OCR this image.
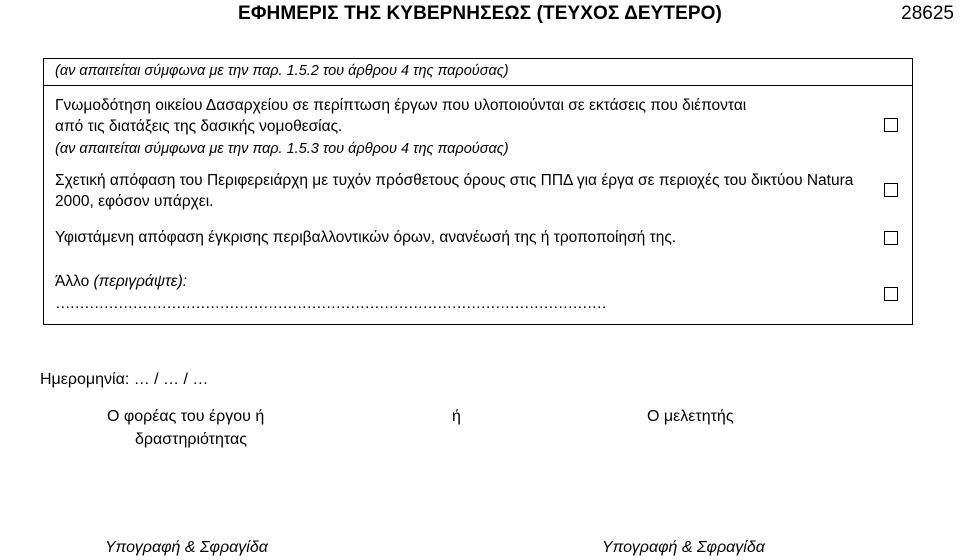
ΕΦΗΜΕΡΙΣ ΤΗΣ ΚΥΒΕΡΝΗΣΕΩΣ (ΤΕΥΧΟΣ ΔΕΥΤΕΡΟ)	28625
(αν απαιτείται σύμφωνα με την παρ. 1.5.2 του άρθρου 4 της παρούσας)
Γνωμοδότηση οικείου Δασαρχείου σε περίπτωση έργων που υλοποιούνται σε εκτάσεις που διέπονται από τις διατάξεις της δασικής νομοθεσίας.
(αν απαιτείται σύμφωνα με την παρ. 1.5.3 του άρθρου 4 της παρούσας)
Σχετική απόφαση του Περιφερειάρχη με τυχόν πρόσθετους όρους στις ΠΠΔ για έργα σε περιοχές του δικτύου Natura 2000, εφόσον υπάρχει.
Υφιστάμενη απόφαση έγκρισης περιβαλλοντικών όρων, ανανέωσή της ή τροποποίησή της.
Άλλο (περιγράψτε):
……………………………………………………………………………………………………
Ημερομηνία: … / … / …
Ο φορέας του έργου ή
δραστηριότητας
ή	Ο μελετητής
Υπογραφή & Σφραγίδα	Υπογραφή & Σφραγίδα
